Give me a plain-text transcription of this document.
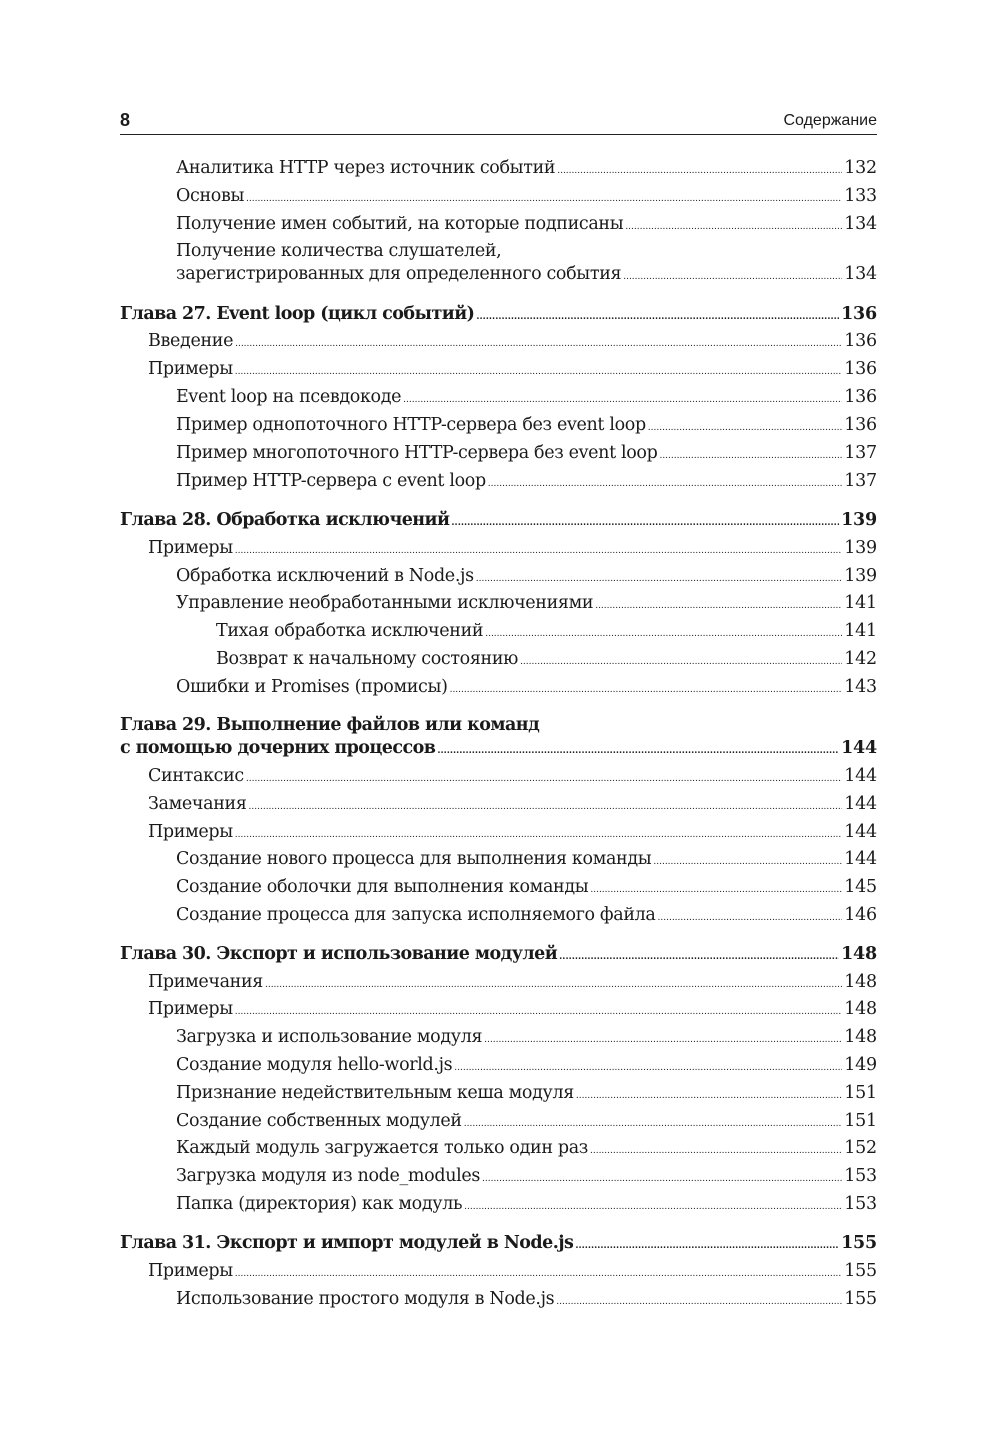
8	Содержание
Аналитика HTTP через источник событий .....	132
Основы .....	133
Получение имен событий, на которые подписаны .....	134
Получение количества слушателей,
зарегистрированных для определенного события .....	134
Глава 27. Event loop (цикл событий) .....	136
Введение .....	136
Примеры .....	136
Event loop на псевдокоде .....	136
Пример однопоточного HTTP-сервера без event loop .....	136
Пример многопоточного HTTP-сервера без event loop .....	137
Пример HTTP-сервера с event loop .....	137
Глава 28. Обработка исключений .....	139
Примеры .....	139
Обработка исключений в Node.js .....	139
Управление необработанными исключениями .....	141
Тихая обработка исключений .....	141
Возврат к начальному состоянию .....	142
Ошибки и Promises (промисы) .....	143
Глава 29. Выполнение файлов или команд
с помощью дочерних процессов .....	144
Синтаксис .....	144
Замечания .....	144
Примеры .....	144
Создание нового процесса для выполнения команды .....	144
Создание оболочки для выполнения команды .....	145
Создание процесса для запуска исполняемого файла .....	146
Глава 30. Экспорт и использование модулей .....	148
Примечания .....	148
Примеры .....	148
Загрузка и использование модуля .....	148
Создание модуля hello-world.js .....	149
Признание недействительным кеша модуля .....	151
Создание собственных модулей .....	151
Каждый модуль загружается только один раз .....	152
Загрузка модуля из node_modules .....	153
Папка (директория) как модуль .....	153
Глава 31. Экспорт и импорт модулей в Node.js .....	155
Примеры .....	155
Использование простого модуля в Node.js .....	155
